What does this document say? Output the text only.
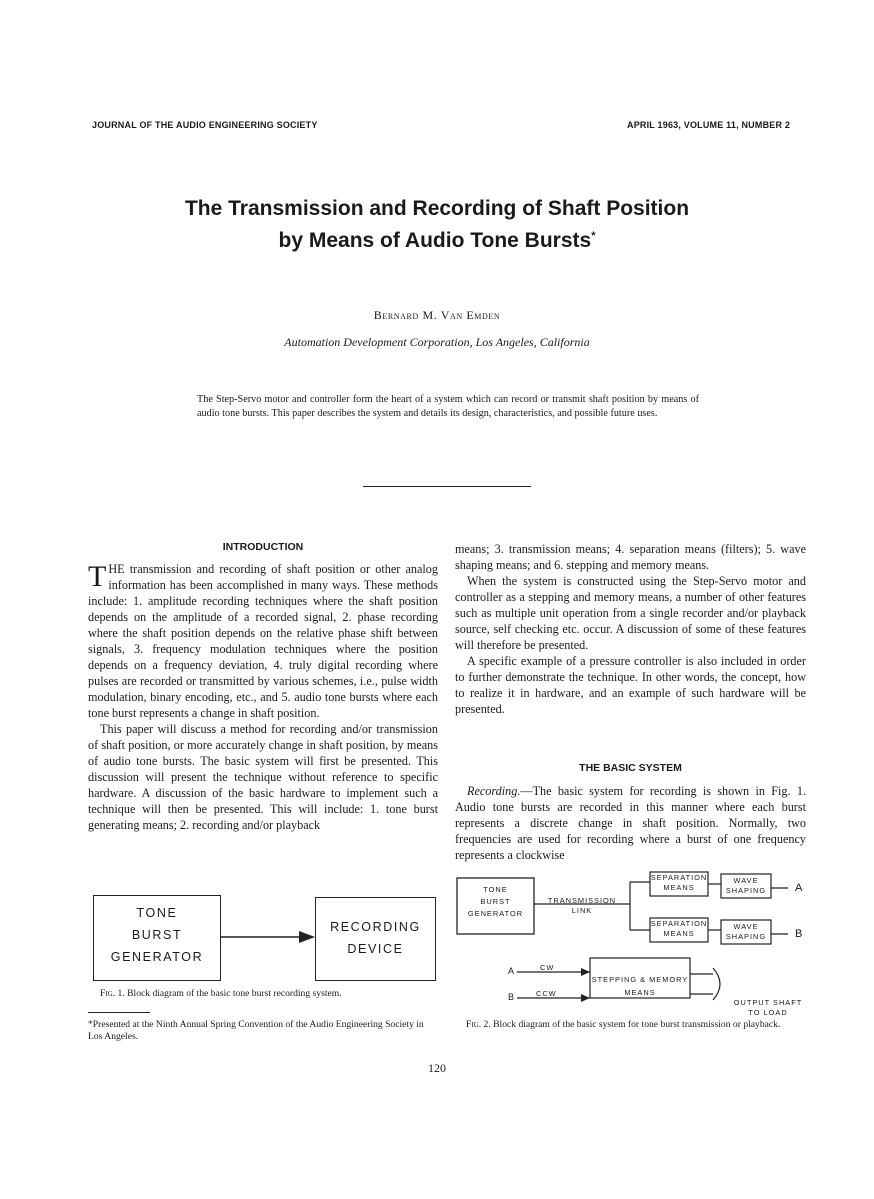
JOURNAL OF THE AUDIO ENGINEERING SOCIETY	APRIL 1963, VOLUME 11, NUMBER 2
The Transmission and Recording of Shaft Position
by Means of Audio Tone Bursts*
Bernard M. Van Emden
Automation Development Corporation, Los Angeles, California
The Step-Servo motor and controller form the heart of a system which can record or transmit shaft position by means of audio tone bursts. This paper describes the system and details its design, characteristics, and possible future uses.
INTRODUCTION

THE transmission and recording of shaft position or other analog information has been accomplished in many ways. These methods include: 1. amplitude recording techniques where the shaft position depends on the amplitude of a recorded signal, 2. phase recording where the shaft position depends on the relative phase shift between signals, 3. frequency modulation techniques where the position depends on a frequency deviation, 4. truly digital recording where pulses are recorded or transmitted by various schemes, i.e., pulse width modulation, binary encoding, etc., and 5. audio tone bursts where each tone burst represents a change in shaft position.

This paper will discuss a method for recording and/or transmission of shaft position, or more accurately change in shaft position, by means of audio tone bursts. The basic system will first be presented. This discussion will present the technique without reference to specific hardware. A discussion of the basic hardware to implement such a technique will then be presented. This will include: 1. tone burst generating means; 2. recording and/or playback

means; 3. transmission means; 4. separation means (filters); 5. wave shaping means; and 6. stepping and memory means.

When the system is constructed using the Step-Servo motor and controller as a stepping and memory means, a number of other features such as multiple unit operation from a single recorder and/or playback source, self checking etc. occur. A discussion of some of these features will therefore be presented.

A specific example of a pressure controller is also included in order to further demonstrate the technique. In other words, the concept, how to realize it in hardware, and an example of such hardware will be presented.

THE BASIC SYSTEM

Recording.—The basic system for recording is shown in Fig. 1. Audio tone bursts are recorded in this manner where each burst represents a discrete change in shaft position. Normally, two frequencies are used for recording where a burst of one frequency represents a clockwise

TONE
BURST
GENERATOR
RECORDING
DEVICE
Fig. 1. Block diagram of the basic tone burst recording system.
TONE
BURST
GENERATOR
TRANSMISSION
LINK
SEPARATION
MEANS
SEPARATION
MEANS
WAVE
SHAPING
WAVE
SHAPING
A
B
A
B
CW
CCW
STEPPING & MEMORY
MEANS
OUTPUT SHAFT
TO LOAD
Fig. 2. Block diagram of the basic system for tone burst transmission or playback.
*Presented at the Ninth Annual Spring Convention of the Audio Engineering Society in Los Angeles.
120
